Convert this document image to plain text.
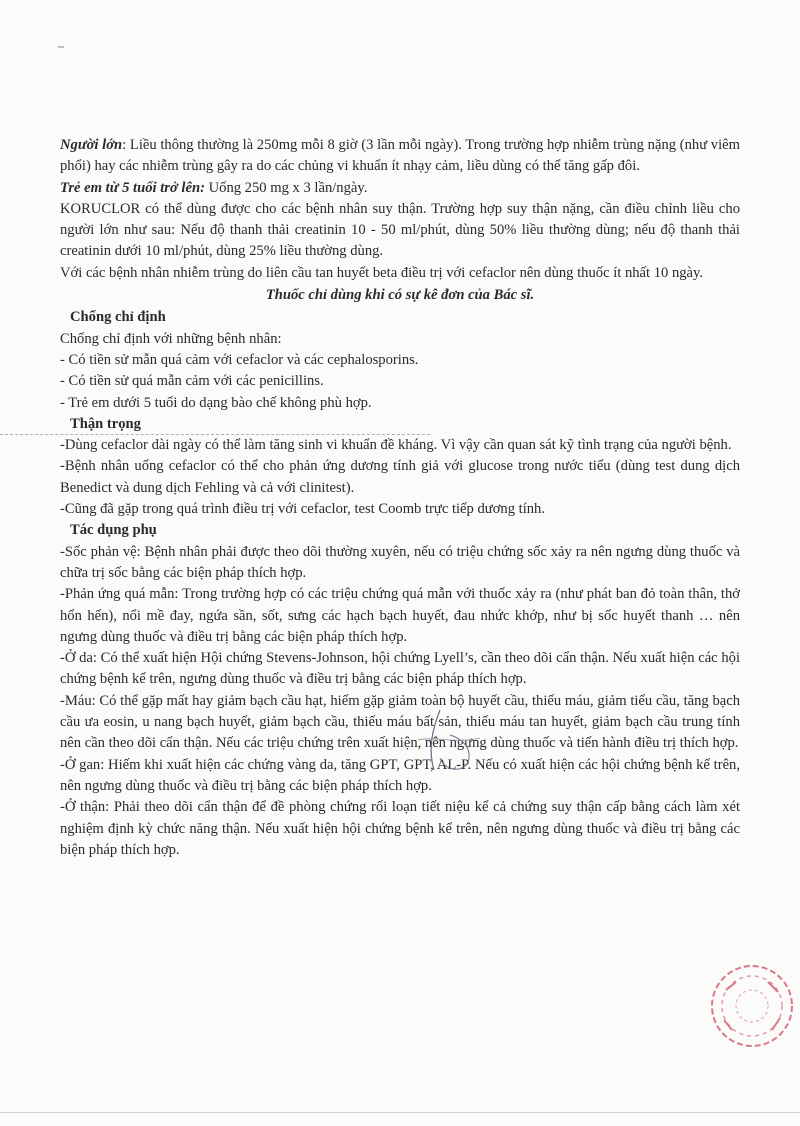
Người lớn: Liều thông thường là 250mg mỗi 8 giờ (3 lần mỗi ngày). Trong trường hợp nhiễm trùng nặng (như viêm phổi) hay các nhiễm trùng gây ra do các chủng vi khuẩn ít nhạy cảm, liều dùng có thể tăng gấp đôi.

Trẻ em từ 5 tuổi trở lên: Uống 250 mg x 3 lần/ngày.

KORUCLOR có thể dùng được cho các bệnh nhân suy thận. Trường hợp suy thận nặng, cần điều chỉnh liều cho người lớn như sau: Nếu độ thanh thải creatinin 10 - 50 ml/phút, dùng 50% liều thường dùng; nếu độ thanh thải creatinin dưới 10 ml/phút, dùng 25% liều thường dùng.

Với các bệnh nhân nhiễm trùng do liên cầu tan huyết beta điều trị với cefaclor nên dùng thuốc ít nhất 10 ngày.

Thuốc chỉ dùng khi có sự kê đơn của Bác sĩ.

Chống chỉ định

Chống chỉ định với những bệnh nhân:

- Có tiền sử mẫn quá cảm với cefaclor và các cephalosporins.

- Có tiền sử quá mẫn cảm với các penicillins.

- Trẻ em dưới 5 tuổi do dạng bào chế không phù hợp.

Thận trọng

-Dùng cefaclor dài ngày có thể làm tăng sinh vi khuẩn đề kháng. Vì vậy cần quan sát kỹ tình trạng của người bệnh.

-Bệnh nhân uống cefaclor có thể cho phản ứng dương tính giả với glucose trong nước tiểu (dùng test dung dịch Benedict và dung dịch Fehling và cả với clinitest).

-Cũng đã gặp trong quá trình điều trị với cefaclor, test Coomb trực tiếp dương tính.

Tác dụng phụ

-Sốc phản vệ: Bệnh nhân phải được theo dõi thường xuyên, nếu có triệu chứng sốc xảy ra nên ngưng dùng thuốc và chữa trị sốc bằng các biện pháp thích hợp.

-Phản ứng quá mẫn: Trong trường hợp có các triệu chứng quá mẫn với thuốc xảy ra (như phát ban đỏ toàn thân, thở hổn hển), nổi mề đay, ngứa sần, sốt, sưng các hạch bạch huyết, đau nhức khớp, như bị sốc huyết thanh … nên ngưng dùng thuốc và điều trị bằng các biện pháp thích hợp.

-Ở da: Có thể xuất hiện Hội chứng Stevens-Johnson, hội chứng Lyell’s, cần theo dõi cẩn thận. Nếu xuất hiện các hội chứng bệnh kể trên, ngưng dùng thuốc và điều trị bằng các biện pháp thích hợp.

-Máu: Có thể gặp mất hay giảm bạch cầu hạt, hiếm gặp giảm toàn bộ huyết cầu, thiếu máu, giảm tiểu cầu, tăng bạch cầu ưa eosin, u nang bạch huyết, giảm bạch cầu, thiếu máu bất sản, thiếu máu tan huyết, giảm bạch cầu trung tính nên cần theo dõi cẩn thận. Nếu các triệu chứng trên xuất hiện, nên ngưng dùng thuốc và tiến hành điều trị thích hợp.

-Ở gan: Hiếm khi xuất hiện các chứng vàng da, tăng GPT, GPT, AL-P. Nếu có xuất hiện các hội chứng bệnh kể trên, nên ngưng dùng thuốc và điều trị bằng các biện pháp thích hợp.

-Ở thận: Phải theo dõi cẩn thận để đề phòng chứng rối loạn tiết niệu kể cả chứng suy thận cấp bằng cách làm xét nghiệm định kỳ chức năng thận. Nếu xuất hiện hội chứng bệnh kể trên, nên ngưng dùng thuốc và điều trị bằng các biện pháp thích hợp.
